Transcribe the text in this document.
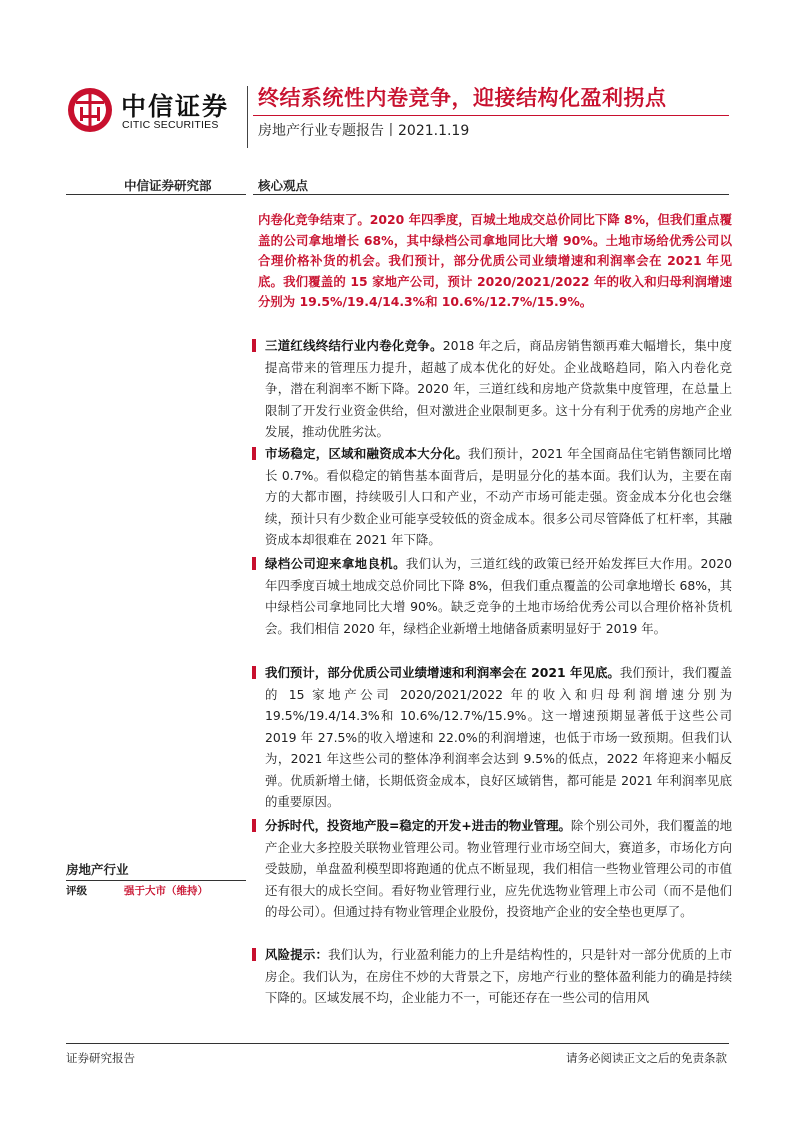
中信证券
CITIC SECURITIES
终结系统性内卷竞争，迎接结构化盈利拐点
房地产行业专题报告丨2021.1.19
中信证券研究部	核心观点

内卷化竞争结束了。2020 年四季度，百城土地成交总价同比下降 8%，但我们重点覆盖的公司拿地增长 68%，其中绿档公司拿地同比大增 90%。土地市场给优秀公司以合理价格补货的机会。我们预计，部分优质公司业绩增速和利润率会在 2021 年见底。我们覆盖的 15 家地产公司，预计 2020/2021/2022 年的收入和归母利润增速分别为 19.5%/19.4/14.3%和 10.6%/12.7%/15.9%。

三道红线终结行业内卷化竞争。2018 年之后，商品房销售额再难大幅增长，集中度提高带来的管理压力提升，超越了成本优化的好处。企业战略趋同，陷入内卷化竞争，潜在利润率不断下降。2020 年，三道红线和房地产贷款集中度管理，在总量上限制了开发行业资金供给，但对激进企业限制更多。这十分有利于优秀的房地产企业发展，推动优胜劣汰。
市场稳定，区域和融资成本大分化。我们预计，2021 年全国商品住宅销售额同比增长 0.7%。看似稳定的销售基本面背后，是明显分化的基本面。我们认为，主要在南方的大都市圈，持续吸引人口和产业，不动产市场可能走强。资金成本分化也会继续，预计只有少数企业可能享受较低的资金成本。很多公司尽管降低了杠杆率，其融资成本却很难在 2021 年下降。
绿档公司迎来拿地良机。我们认为，三道红线的政策已经开始发挥巨大作用。2020 年四季度百城土地成交总价同比下降 8%，但我们重点覆盖的公司拿地增长 68%，其中绿档公司拿地同比大增 90%。缺乏竞争的土地市场给优秀公司以合理价格补货机会。我们相信 2020 年，绿档企业新增土地储备质素明显好于 2019 年。
我们预计，部分优质公司业绩增速和利润率会在 2021 年见底。我们预计，我们覆盖的 15 家地产公司 2020/2021/2022 年的收入和归母利润增速分别为 19.5%/19.4/14.3%和 10.6%/12.7%/15.9%。这一增速预期显著低于这些公司 2019 年 27.5%的收入增速和 22.0%的利润增速，也低于市场一致预期。但我们认为，2021 年这些公司的整体净利润率会达到 9.5%的低点，2022 年将迎来小幅反弹。优质新增土储，长期低资金成本，良好区域销售，都可能是 2021 年利润率见底的重要原因。
分拆时代，投资地产股=稳定的开发+进击的物业管理。除个别公司外，我们覆盖的地产企业大多控股关联物业管理公司。物业管理行业市场空间大，赛道多，市场化方向受鼓励，单盘盈利模型即将跑通的优点不断显现，我们相信一些物业管理公司的市值还有很大的成长空间。看好物业管理行业，应先优选物业管理上市公司（而不是他们的母公司）。但通过持有物业管理企业股份，投资地产企业的安全垫也更厚了。
风险提示：我们认为，行业盈利能力的上升是结构性的，只是针对一部分优质的上市房企。我们认为，在房住不炒的大背景之下，房地产行业的整体盈利能力的确是持续下降的。区域发展不均，企业能力不一，可能还存在一些公司的信用风
房地产行业
评级	强于大市（维持）
证券研究报告	请务必阅读正文之后的免责条款
